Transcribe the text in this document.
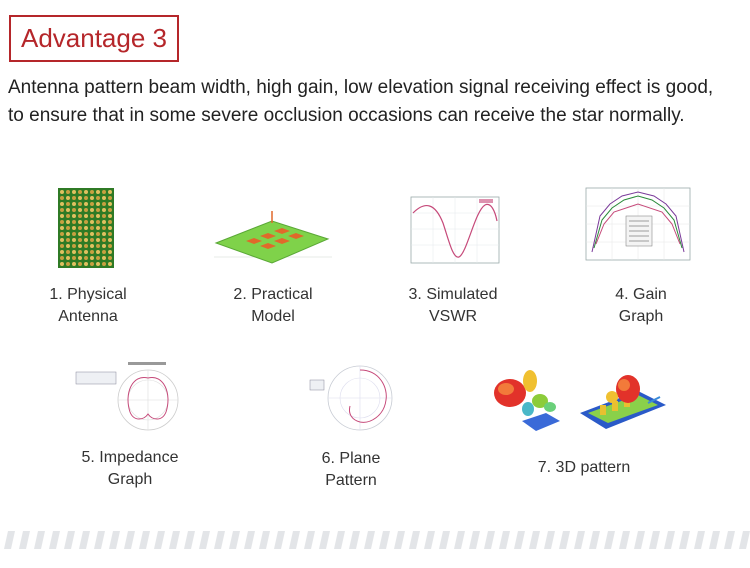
Advantage 3
Antenna pattern beam width, high gain, low elevation signal receiving effect is good, to ensure that in some severe occlusion occasions can receive the star normally.
1. Physical
Antenna
2. Practical
Model
3. Simulated
VSWR
4. Gain
Graph
5. Impedance
Graph
6. Plane
Pattern
7. 3D pattern
